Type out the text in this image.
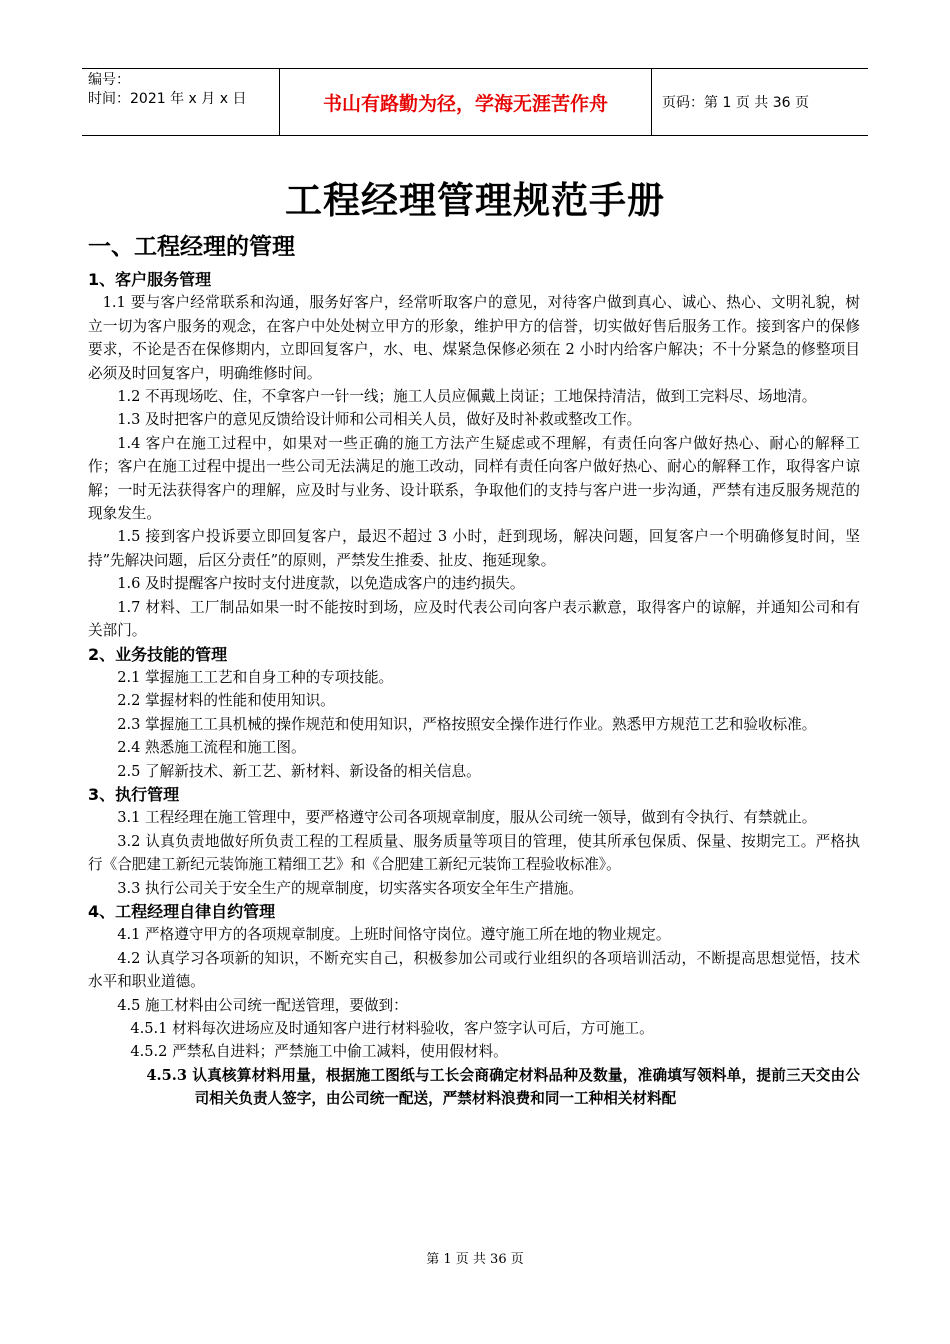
编号：
时间：2021 年 x 月 x 日	书山有路勤为径，学海无涯苦作舟	页码：第 1 页 共 36 页
工程经理管理规范手册
一、工程经理的管理

1、客户服务管理

1.1 要与客户经常联系和沟通，服务好客户，经常听取客户的意见，对待客户做到真心、诚心、热心、文明礼貌，树立一切为客户服务的观念，在客户中处处树立甲方的形象，维护甲方的信誉，切实做好售后服务工作。接到客户的保修要求，不论是否在保修期内，立即回复客户，水、电、煤紧急保修必须在 2 小时内给客户解决；不十分紧急的修整项目必须及时回复客户，明确维修时间。

1.2 不再现场吃、住，不拿客户一针一线；施工人员应佩戴上岗证；工地保持清洁，做到工完料尽、场地清。

1.3 及时把客户的意见反馈给设计师和公司相关人员，做好及时补救或整改工作。

1.4 客户在施工过程中，如果对一些正确的施工方法产生疑虑或不理解，有责任向客户做好热心、耐心的解释工作；客户在施工过程中提出一些公司无法满足的施工改动，同样有责任向客户做好热心、耐心的解释工作，取得客户谅解；一时无法获得客户的理解，应及时与业务、设计联系，争取他们的支持与客户进一步沟通，严禁有违反服务规范的现象发生。

1.5 接到客户投诉要立即回复客户，最迟不超过 3 小时，赶到现场，解决问题，回复客户一个明确修复时间，坚持”先解决问题，后区分责任”的原则，严禁发生推委、扯皮、拖延现象。

1.6 及时提醒客户按时支付进度款，以免造成客户的违约损失。

1.7 材料、工厂制品如果一时不能按时到场，应及时代表公司向客户表示歉意，取得客户的谅解，并通知公司和有关部门。

2、业务技能的管理

2.1 掌握施工工艺和自身工种的专项技能。

2.2 掌握材料的性能和使用知识。

2.3 掌握施工工具机械的操作规范和使用知识，严格按照安全操作进行作业。熟悉甲方规范工艺和验收标准。

2.4 熟悉施工流程和施工图。

2.5 了解新技术、新工艺、新材料、新设备的相关信息。

3、执行管理

3.1 工程经理在施工管理中，要严格遵守公司各项规章制度，服从公司统一领导，做到有令执行、有禁就止。

3.2 认真负责地做好所负责工程的工程质量、服务质量等项目的管理，使其所承包保质、保量、按期完工。严格执行《合肥建工新纪元装饰施工精细工艺》和《合肥建工新纪元装饰工程验收标准》。

3.3 执行公司关于安全生产的规章制度，切实落实各项安全年生产措施。

4、工程经理自律自约管理

4.1 严格遵守甲方的各项规章制度。上班时间恪守岗位。遵守施工所在地的物业规定。

4.2 认真学习各项新的知识，不断充实自己，积极参加公司或行业组织的各项培训活动，不断提高思想觉悟，技术水平和职业道德。

4.5 施工材料由公司统一配送管理，要做到：

4.5.1 材料每次进场应及时通知客户进行材料验收，客户签字认可后，方可施工。

4.5.2 严禁私自进料；严禁施工中偷工减料，使用假材料。

4.5.3 认真核算材料用量，根据施工图纸与工长会商确定材料品种及数量，准确填写领料单，提前三天交由公司相关负责人签字，由公司统一配送，严禁材料浪费和同一工种相关材料配

第 1 页 共 36 页
